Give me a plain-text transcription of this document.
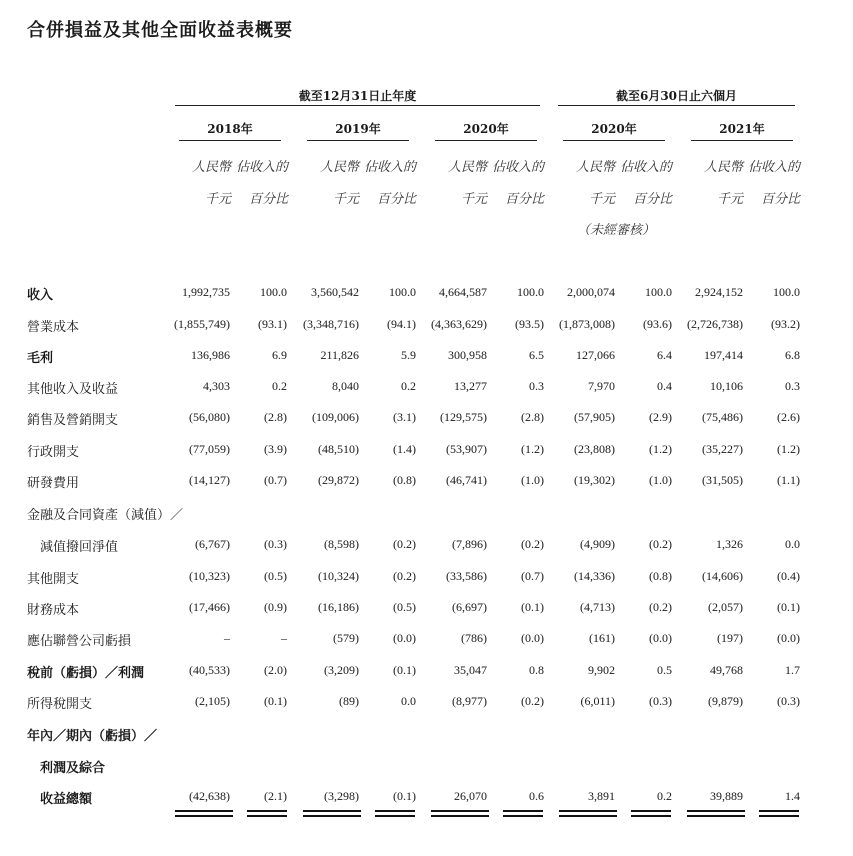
合併損益及其他全面收益表概要
截至12月31日止年度	截至6月30日止六個月
2018年
人民幣 佔收入的
千元	百分比
2019年
人民幣 佔收入的
千元	百分比
2020年
人民幣 佔收入的
千元	百分比
2020年
人民幣 佔收入的
千元	百分比
2021年
人民幣 佔收入的
千元	百分比
（未經審核）
收入	1,992,735	100.0	3,560,542	100.0	4,664,587	100.0	2,000,074	100.0	2,924,152	100.0
營業成本	(1,855,749)	(93.1)	(3,348,716)	(94.1)	(4,363,629)	(93.5)	(1,873,008)	(93.6)	(2,726,738)	(93.2)
毛利	136,986	6.9	211,826	5.9	300,958	6.5	127,066	6.4	197,414	6.8
其他收入及收益	4,303	0.2	8,040	0.2	13,277	0.3	7,970	0.4	10,106	0.3
銷售及營銷開支	(56,080)	(2.8)	(109,006)	(3.1)	(129,575)	(2.8)	(57,905)	(2.9)	(75,486)	(2.6)
行政開支	(77,059)	(3.9)	(48,510)	(1.4)	(53,907)	(1.2)	(23,808)	(1.2)	(35,227)	(1.2)
研發費用	(14,127)	(0.7)	(29,872)	(0.8)	(46,741)	(1.0)	(19,302)	(1.0)	(31,505)	(1.1)
金融及合同資產（減值）／
　減值撥回淨值	(6,767)	(0.3)	(8,598)	(0.2)	(7,896)	(0.2)	(4,909)	(0.2)	1,326	0.0
其他開支	(10,323)	(0.5)	(10,324)	(0.2)	(33,586)	(0.7)	(14,336)	(0.8)	(14,606)	(0.4)
財務成本	(17,466)	(0.9)	(16,186)	(0.5)	(6,697)	(0.1)	(4,713)	(0.2)	(2,057)	(0.1)
應佔聯營公司虧損	–	–	(579)	(0.0)	(786)	(0.0)	(161)	(0.0)	(197)	(0.0)
稅前（虧損）／利潤	(40,533)	(2.0)	(3,209)	(0.1)	35,047	0.8	9,902	0.5	49,768	1.7
所得稅開支	(2,105)	(0.1)	(89)	0.0	(8,977)	(0.2)	(6,011)	(0.3)	(9,879)	(0.3)
年內／期內（虧損）／
　利潤及綜合
　收益總額	(42,638)	(2.1)	(3,298)	(0.1)	26,070	0.6	3,891	0.2	39,889	1.4
